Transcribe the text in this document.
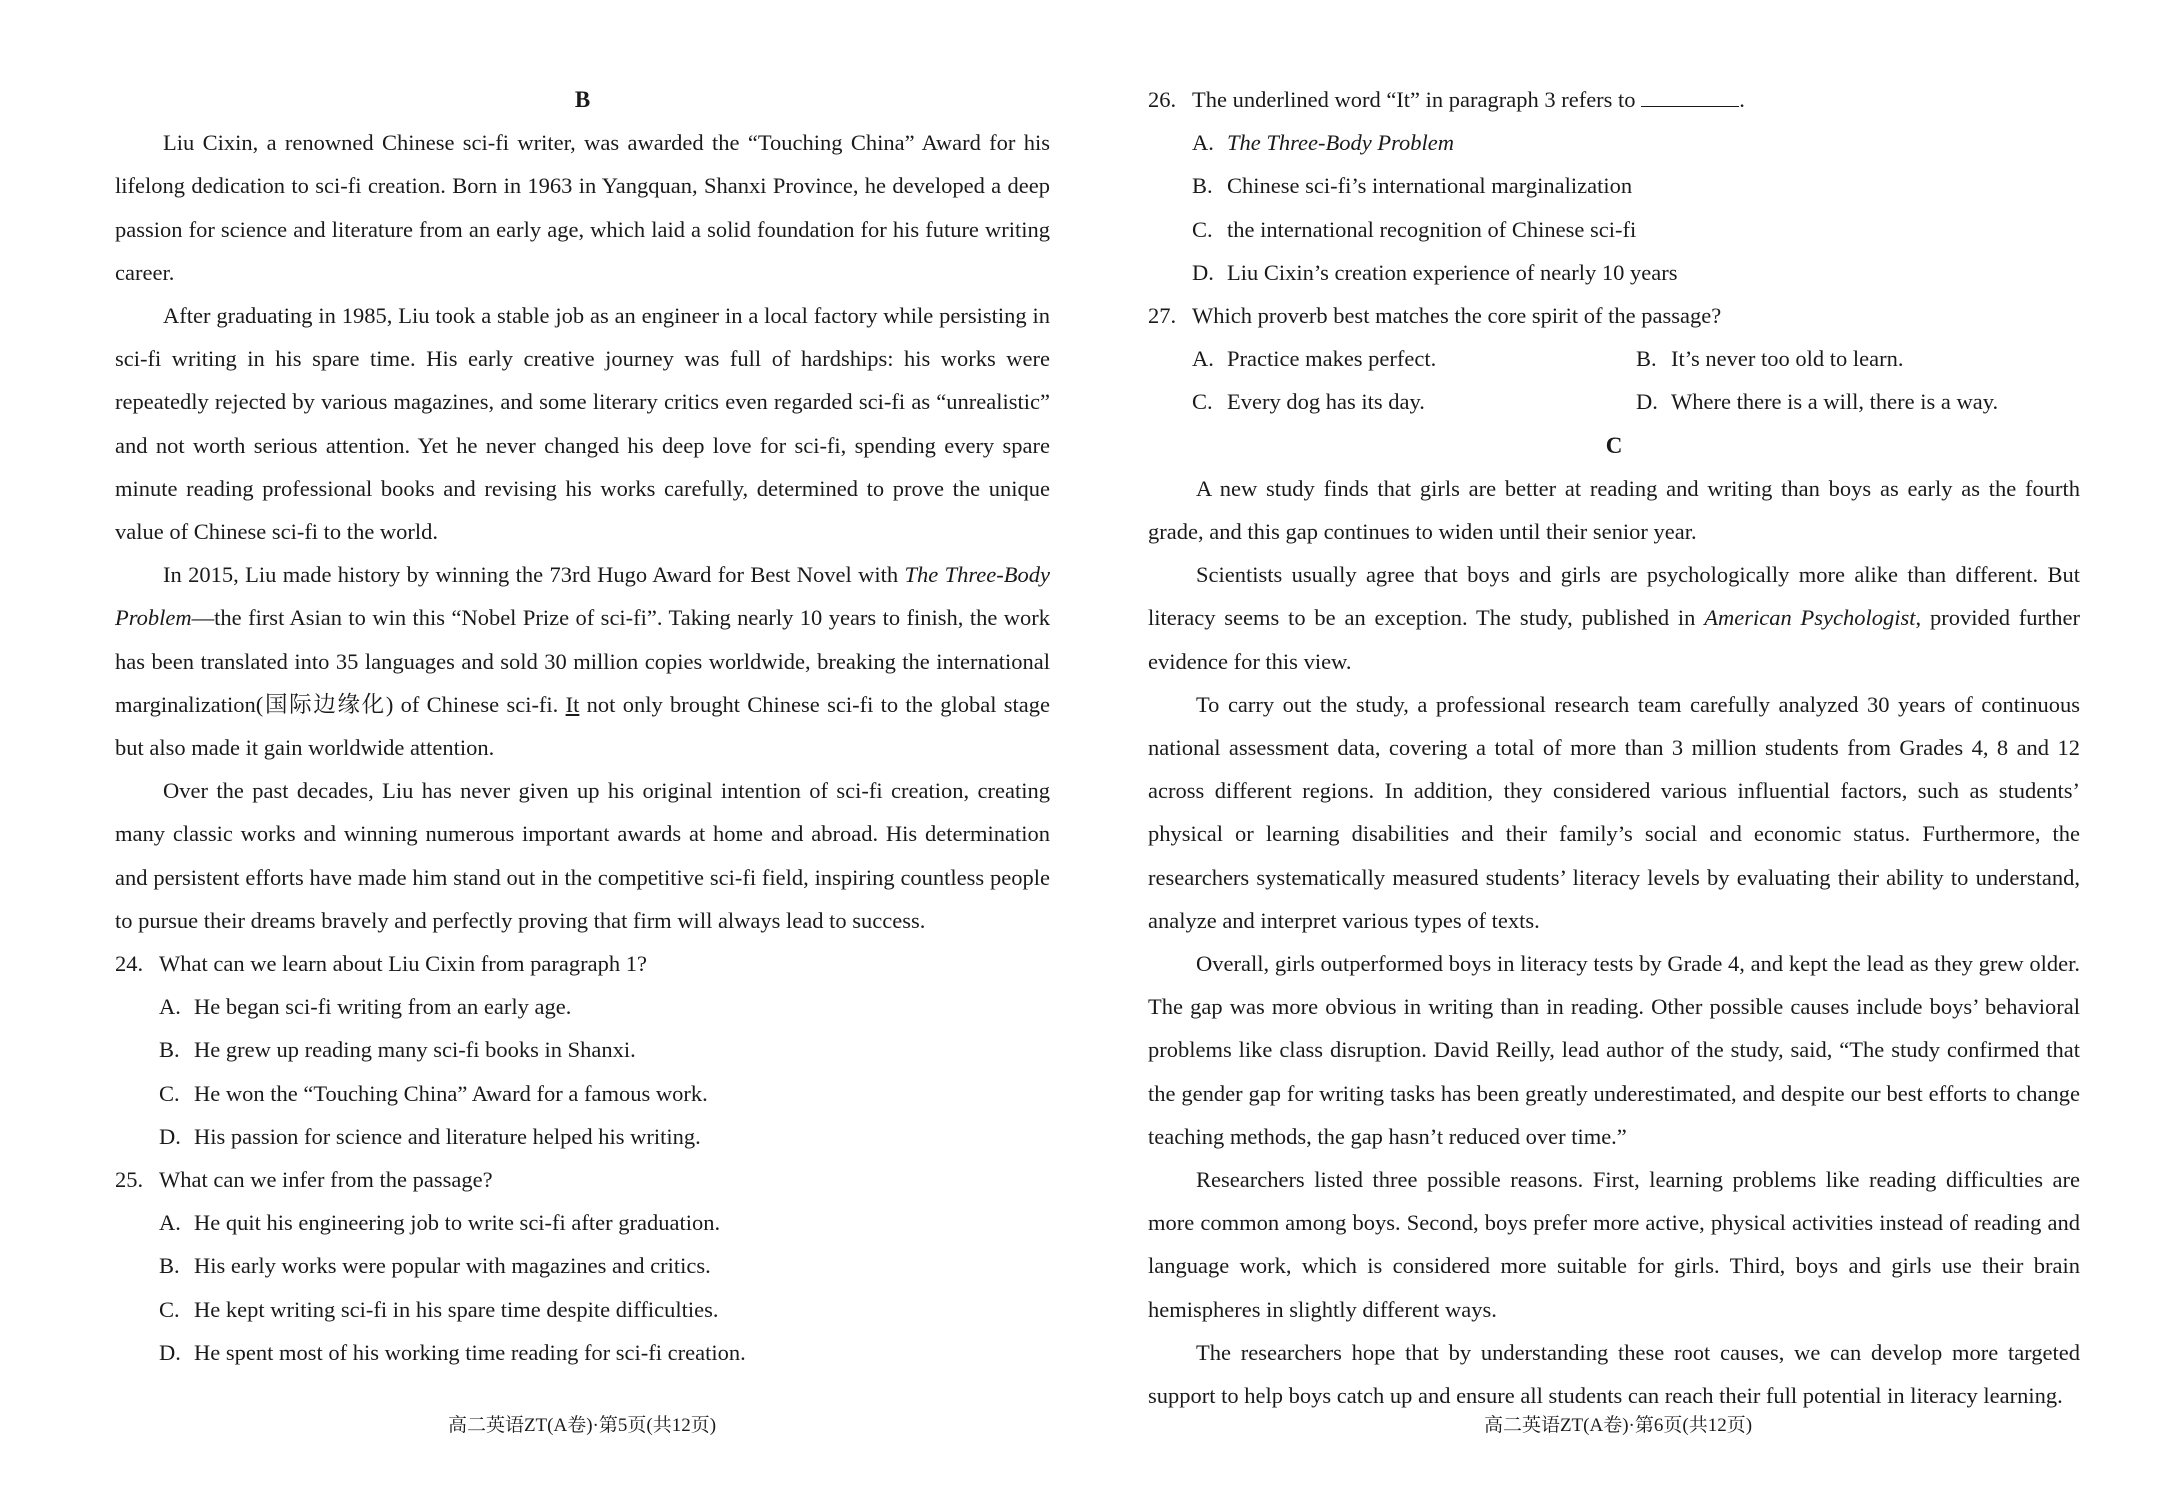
B

Liu Cixin, a renowned Chinese sci-fi writer, was awarded the “Touching China” Award for his lifelong dedication to sci-fi creation. Born in 1963 in Yangquan, Shanxi Province, he developed a deep passion for science and literature from an early age, which laid a solid foundation for his future writing career.

After graduating in 1985, Liu took a stable job as an engineer in a local factory while persisting in sci-fi writing in his spare time. His early creative journey was full of hardships: his works were repeatedly rejected by various magazines, and some literary critics even regarded sci-fi as “unrealistic” and not worth serious attention. Yet he never changed his deep love for sci-fi, spending every spare minute reading professional books and revising his works carefully, determined to prove the unique value of Chinese sci-fi to the world.

In 2015, Liu made history by winning the 73rd Hugo Award for Best Novel with The Three-Body Problem—the first Asian to win this “Nobel Prize of sci-fi”. Taking nearly 10 years to finish, the work has been translated into 35 languages and sold 30 million copies worldwide, breaking the international marginalization(国际边缘化) of Chinese sci-fi. It not only brought Chinese sci-fi to the global stage but also made it gain worldwide attention.

Over the past decades, Liu has never given up his original intention of sci-fi creation, creating many classic works and winning numerous important awards at home and abroad. His determination and persistent efforts have made him stand out in the competitive sci-fi field, inspiring countless people to pursue their dreams bravely and perfectly proving that firm will always lead to success.

24. What can we learn about Liu Cixin from paragraph 1?
A. He began sci-fi writing from an early age.
B. He grew up reading many sci-fi books in Shanxi.
C. He won the “Touching China” Award for a famous work.
D. His passion for science and literature helped his writing.
25. What can we infer from the passage?
A. He quit his engineering job to write sci-fi after graduation.
B. His early works were popular with magazines and critics.
C. He kept writing sci-fi in his spare time despite difficulties.
D. He spent most of his working time reading for sci-fi creation.
高二英语ZT(A卷)·第5页(共12页)
26. The underlined word “It” in paragraph 3 refers to	.
A. The Three-Body Problem
B. Chinese sci-fi’s international marginalization
C. the international recognition of Chinese sci-fi
D. Liu Cixin’s creation experience of nearly 10 years
27. Which proverb best matches the core spirit of the passage?
A. Practice makes perfect.	B. It’s never too old to learn.
C. Every dog has its day.	D. Where there is a will, there is a way.
C

A new study finds that girls are better at reading and writing than boys as early as the fourth grade, and this gap continues to widen until their senior year.

Scientists usually agree that boys and girls are psychologically more alike than different. But literacy seems to be an exception. The study, published in American Psychologist, provided further evidence for this view.

To carry out the study, a professional research team carefully analyzed 30 years of continuous national assessment data, covering a total of more than 3 million students from Grades 4, 8 and 12 across different regions. In addition, they considered various influential factors, such as students’ physical or learning disabilities and their family’s social and economic status. Furthermore, the researchers systematically measured students’ literacy levels by evaluating their ability to understand, analyze and interpret various types of texts.

Overall, girls outperformed boys in literacy tests by Grade 4, and kept the lead as they grew older. The gap was more obvious in writing than in reading. Other possible causes include boys’ behavioral problems like class disruption. David Reilly, lead author of the study, said, “The study confirmed that the gender gap for writing tasks has been greatly underestimated, and despite our best efforts to change teaching methods, the gap hasn’t reduced over time.”

Researchers listed three possible reasons. First, learning problems like reading difficulties are more common among boys. Second, boys prefer more active, physical activities instead of reading and language work, which is considered more suitable for girls. Third, boys and girls use their brain hemispheres in slightly different ways.

The researchers hope that by understanding these root causes, we can develop more targeted support to help boys catch up and ensure all students can reach their full potential in literacy learning.

高二英语ZT(A卷)·第6页(共12页)
